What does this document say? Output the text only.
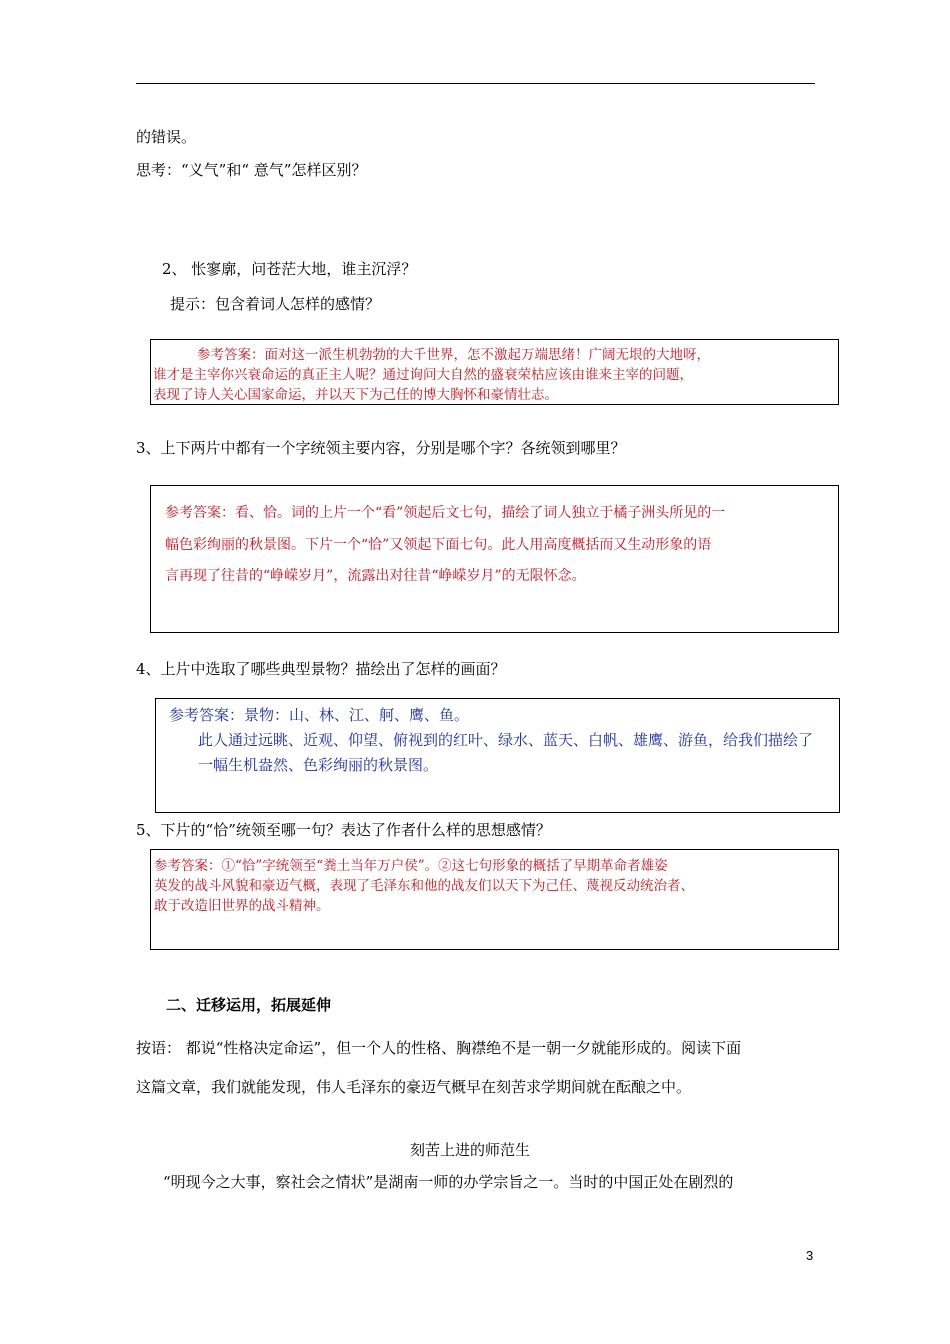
的错误。
思考：“义气”和“ 意气”怎样区别？
2、 怅寥廓，问苍茫大地，谁主沉浮？
提示：包含着词人怎样的感情？
参考答案：面对这一派生机勃勃的大千世界，怎不激起万端思绪！广阔无垠的大地呀，
谁才是主宰你兴衰命运的真正主人呢？通过询问大自然的盛衰荣枯应该由谁来主宰的问题，
表现了诗人关心国家命运，并以天下为己任的博大胸怀和豪情壮志。
3、上下两片中都有一个字统领主要内容，分别是哪个字？各统领到哪里？
参考答案：看、恰。词的上片一个“看”领起后文七句，描绘了词人独立于橘子洲头所见的一
幅色彩绚丽的秋景图。下片一个“恰”又领起下面七句。此人用高度概括而又生动形象的语
言再现了往昔的“峥嵘岁月”，流露出对往昔“峥嵘岁月”的无限怀念。
4、上片中选取了哪些典型景物？描绘出了怎样的画面？
参考答案：景物：山、林、江、舸、鹰、鱼。
此人通过远眺、近观、仰望、俯视到的红叶、绿水、蓝天、白帆、雄鹰、游鱼，给我们描绘了
一幅生机盎然、色彩绚丽的秋景图。
5、下片的“恰”统领至哪一句？表达了作者什么样的思想感情？
参考答案：①“恰”字统领至“粪土当年万户侯”。②这七句形象的概括了早期革命者雄姿
英发的战斗风貌和豪迈气概，表现了毛泽东和他的战友们以天下为己任、蔑视反动统治者、
敢于改造旧世界的战斗精神。
二、迁移运用，拓展延伸
按语： 都说“性格决定命运”，但一个人的性格、胸襟绝不是一朝一夕就能形成的。阅读下面
这篇文章，我们就能发现，伟人毛泽东的豪迈气概早在刻苦求学期间就在酝酿之中。
刻苦上进的师范生
“明现今之大事，察社会之情状”是湖南一师的办学宗旨之一。当时的中国正处在剧烈的
3
